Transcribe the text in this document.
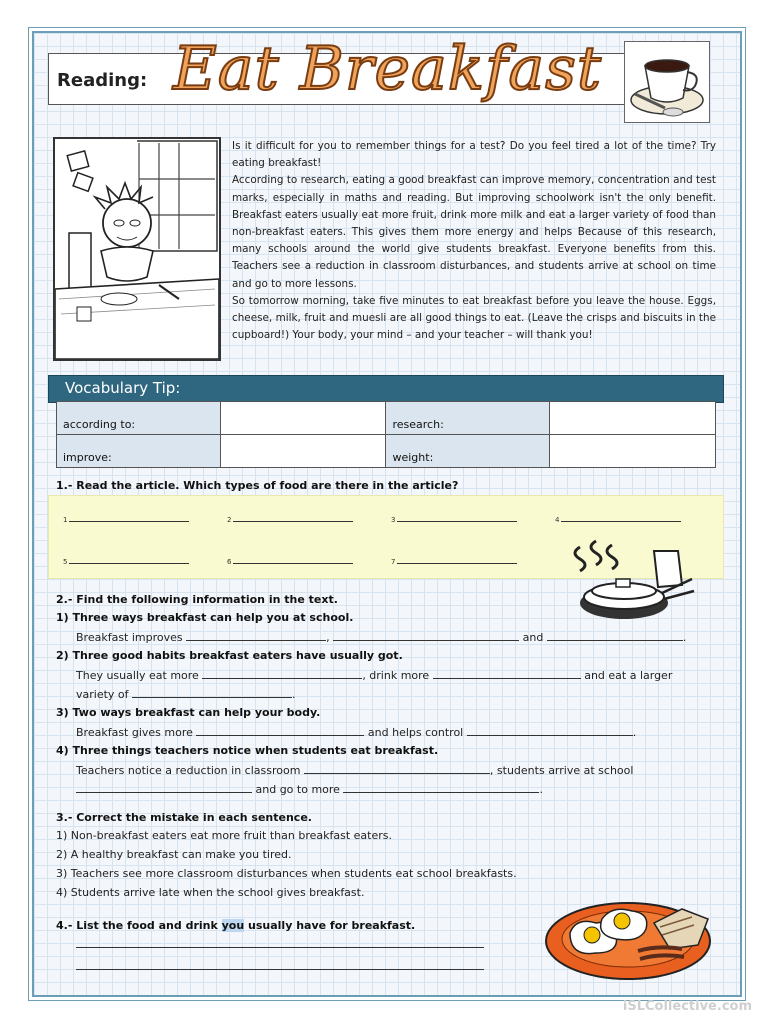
Reading: Eat Breakfast

Is it difficult for you to remember things for a test? Do you feel tired a lot of the time? Try eating breakfast!

According to research, eating a good breakfast can improve memory, concentration and test marks, especially in maths and reading. But improving schoolwork isn't the only benefit. Breakfast eaters usually eat more fruit, drink more milk and eat a larger variety of food than non-breakfast eaters. This gives them more energy and helps Because of this research, many schools around the world give students breakfast. Everyone benefits from this. Teachers see a reduction in classroom disturbances, and students arrive at school on time and go to more lessons.

So tomorrow morning, take five minutes to eat breakfast before you leave the house. Eggs, cheese, milk, fruit and muesli are all good things to eat. (Leave the crisps and biscuits in the cupboard!) Your body, your mind – and your teacher – will thank you!

Vocabulary Tip:
according to:		research:	
improve:		weight:	
1.- Read the article. Which types of food are there in the article?
1	2	3	4
5	6	7
2.- Find the following information in the text.
1) Three ways breakfast can help you at school.
Breakfast improves	,	and	.
2) Three good habits breakfast eaters have usually got.
They usually eat more	, drink more	and eat a larger
variety of	.
3) Two ways breakfast can help your body.
Breakfast gives more	and helps control	.
4) Three things teachers notice when students eat breakfast.
Teachers notice a reduction in classroom	, students arrive at school
and go to more	.
3.- Correct the mistake in each sentence.
1) Non-breakfast eaters eat more fruit than breakfast eaters.
2) A healthy breakfast can make you tired.
3) Teachers see more classroom disturbances when students eat school breakfasts.
4) Students arrive late when the school gives breakfast.
4.- List the food and drink you usually have for breakfast.
iSLCollective.com
